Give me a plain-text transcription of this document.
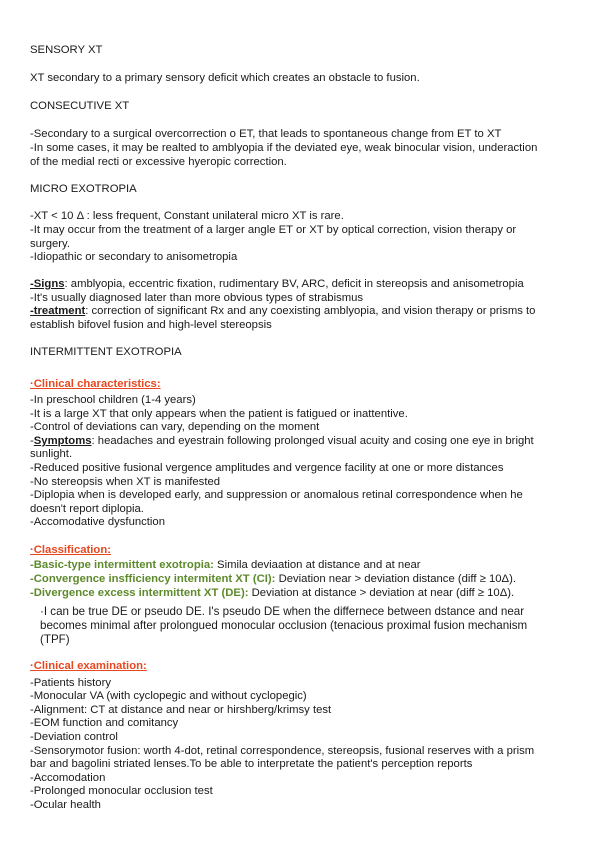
SENSORY XT
XT secondary to a primary sensory deficit which creates an obstacle to fusion.
CONSECUTIVE XT
-Secondary to a surgical overcorrection o ET, that leads to spontaneous change from ET to XT
-In some cases, it may be realted to amblyopia if the deviated eye, weak binocular vision, underaction
of the medial recti or excessive hyeropic correction.
MICRO EXOTROPIA
-XT < 10 Δ : less frequent, Constant unilateral micro XT is rare.
-It may occur from the treatment of a larger angle ET or XT by optical correction, vision therapy or
surgery.
-Idiopathic or secondary to anisometropia
-Signs: amblyopia, eccentric fixation, rudimentary BV, ARC, deficit in stereopsis and anisometropia
-It's usually diagnosed later than more obvious types of strabismus
-treatment: correction of significant Rx and any coexisting amblyopia, and vision therapy or prisms to
establish bifovel fusion and high-level stereopsis
INTERMITTENT EXOTROPIA
·Clinical characteristics:
-In preschool children (1-4 years)
-It is a large XT that only appears when the patient is fatigued or inattentive.
-Control of deviations can vary, depending on the moment
-Symptoms: headaches and eyestrain following prolonged visual acuity and cosing one eye in bright
sunlight.
-Reduced positive fusional vergence amplitudes and vergence facility at one or more distances
-No stereopsis when XT is manifested
-Diplopia when is developed early, and suppression or anomalous retinal correspondence when he
doesn't report diplopia.
-Accomodative dysfunction
·Classification:
-Basic-type intermittent exotropia: Simila deviaation at distance and at near
-Convergence insfficiency intermitent XT (CI): Deviation near > deviation distance (diff ≥ 10Δ).
-Divergence excess intermittent XT (DE): Deviation at distance > deviation at near (diff ≥ 10Δ).
·I can be true DE or pseudo DE. I's pseudo DE when the differnece between dstance and near
becomes minimal after prolongued monocular occlusion (tenacious proximal fusion mechanism
(TPF)
·Clinical examination:
-Patients history
-Monocular VA (with cyclopegic and without cyclopegic)
-Alignment: CT at distance and near or hirshberg/krimsy test
-EOM function and comitancy
-Deviation control
-Sensorymotor fusion: worth 4-dot, retinal correspondence, stereopsis, fusional reserves with a prism
bar and bagolini striated lenses.To be able to interpretate the patient's perception reports
-Accomodation
-Prolonged monocular occlusion test
-Ocular health
